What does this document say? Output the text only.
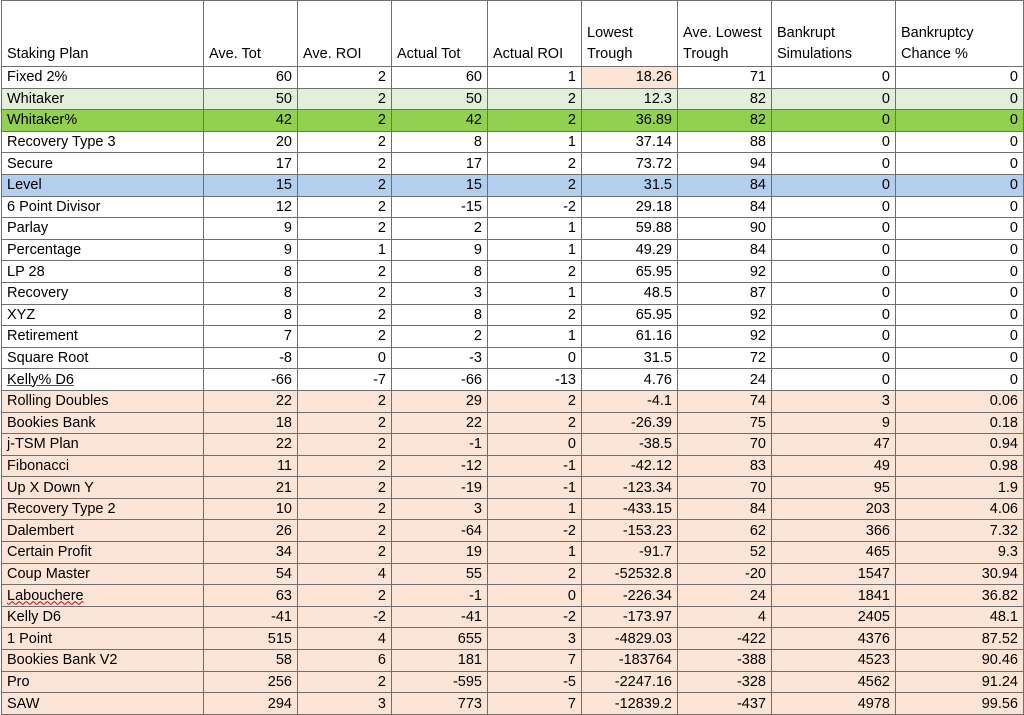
Staking Plan	Ave. Tot	Ave. ROI	Actual Tot	Actual ROI	Lowest Trough	Ave. Lowest Trough	Bankrupt Simulations	Bankruptcy Chance %
Fixed 2%	60	2	60	1	18.26	71	0	0
Whitaker	50	2	50	2	12.3	82	0	0
Whitaker%	42	2	42	2	36.89	82	0	0
Recovery Type 3	20	2	8	1	37.14	88	0	0
Secure	17	2	17	2	73.72	94	0	0
Level	15	2	15	2	31.5	84	0	0
6 Point Divisor	12	2	-15	-2	29.18	84	0	0
Parlay	9	2	2	1	59.88	90	0	0
Percentage	9	1	9	1	49.29	84	0	0
LP 28	8	2	8	2	65.95	92	0	0
Recovery	8	2	3	1	48.5	87	0	0
XYZ	8	2	8	2	65.95	92	0	0
Retirement	7	2	2	1	61.16	92	0	0
Square Root	-8	0	-3	0	31.5	72	0	0
Kelly% D6	-66	-7	-66	-13	4.76	24	0	0
Rolling Doubles	22	2	29	2	-4.1	74	3	0.06
Bookies Bank	18	2	22	2	-26.39	75	9	0.18
j-TSM Plan	22	2	-1	0	-38.5	70	47	0.94
Fibonacci	11	2	-12	-1	-42.12	83	49	0.98
Up X Down Y	21	2	-19	-1	-123.34	70	95	1.9
Recovery Type 2	10	2	3	1	-433.15	84	203	4.06
Dalembert	26	2	-64	-2	-153.23	62	366	7.32
Certain Profit	34	2	19	1	-91.7	52	465	9.3
Coup Master	54	4	55	2	-52532.8	-20	1547	30.94
Labouchere	63	2	-1	0	-226.34	24	1841	36.82
Kelly D6	-41	-2	-41	-2	-173.97	4	2405	48.1
1 Point	515	4	655	3	-4829.03	-422	4376	87.52
Bookies Bank V2	58	6	181	7	-183764	-388	4523	90.46
Pro	256	2	-595	-5	-2247.16	-328	4562	91.24
SAW	294	3	773	7	-12839.2	-437	4978	99.56
